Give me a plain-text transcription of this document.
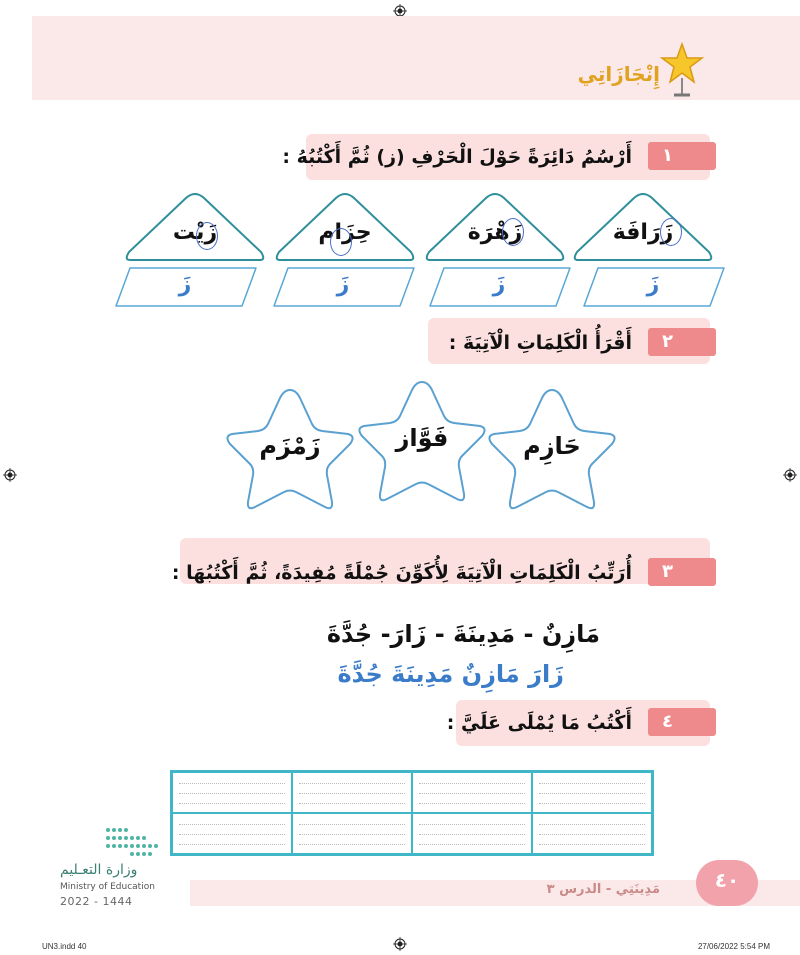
إِنْجَازَاتِي
١
أَرْسُمُ دَائِرَةً حَوْلَ الْحَرْفِ (ز) ثُمَّ أَكْتُبُهُ :
زَرَافَة
زَهْرَة
حِزَام
زَيْت
زَ
زَ
زَ
زَ
٢
أَقْرَأُ الْكَلِمَاتِ الْآتِيَةَ :
حَازِم
فَوَّاز
زَمْزَم
٣
أُرَتِّبُ الْكَلِمَاتِ الْآتِيَةَ لِأُكَوِّنَ جُمْلَةً مُفِيدَةً، ثُمَّ أَكْتُبُهَا :
مَازِنٌ - مَدِينَةَ - زَارَ- جُدَّةَ
زَارَ مَازِنٌ مَدِينَةَ جُدَّةَ
٤
أَكْتُبُ مَا يُمْلَى عَلَيَّ :
مَدِينَتِي - الدرس ٣	٤٠
وزارة التعـليم
Ministry of Education
2022 - 1444
UN3.indd 40	27/06/2022 5:54 PM
